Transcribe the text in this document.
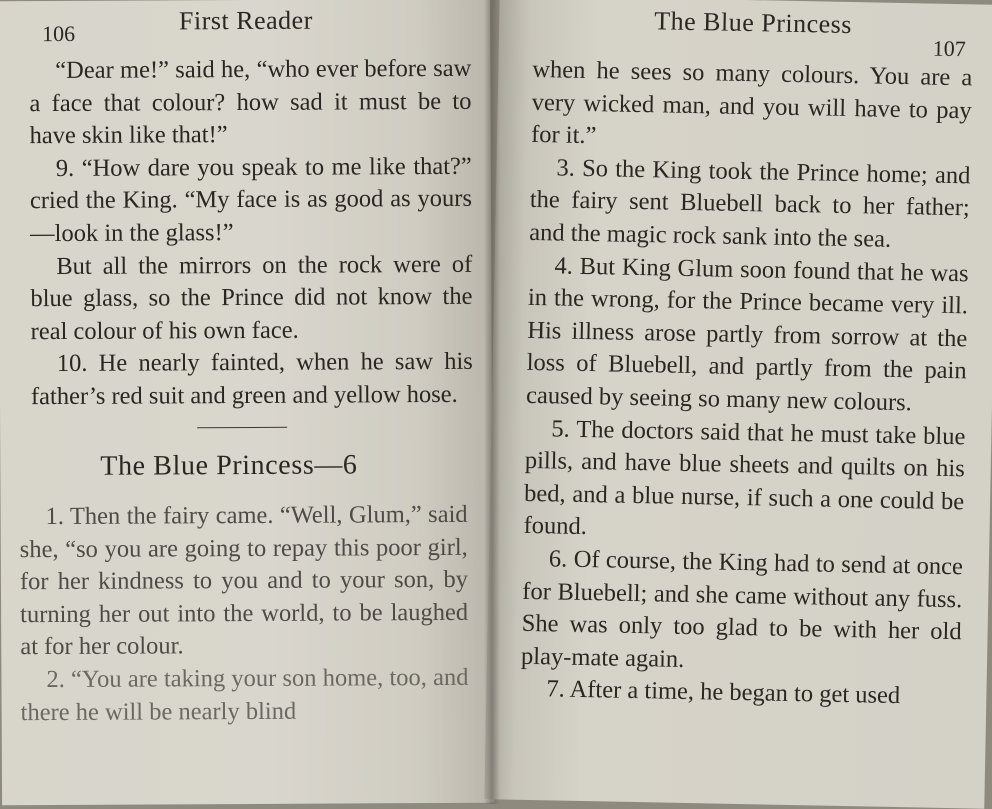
106	First Reader

“Dear me!” said he, “who ever before saw a face that colour? how sad it must be to have skin like that!”

9. “How dare you speak to me like that?” cried the King. “My face is as good as yours—look in the glass!”

But all the mirrors on the rock were of blue glass, so the Prince did not know the real colour of his own face.

10. He nearly fainted, when he saw his father’s red suit and green and yellow hose.

The Blue Princess—6

1. Then the fairy came. “Well, Glum,” said she, “so you are going to repay this poor girl, for her kindness to you and to your son, by turning her out into the world, to be laughed at for her colour.

2. “You are taking your son home, too, and there he will be nearly blind

The Blue Princess
107

when he sees so many colours. You are a very wicked man, and you will have to pay for it.”

3. So the King took the Prince home; and the fairy sent Bluebell back to her father; and the magic rock sank into the sea.

4. But King Glum soon found that he was in the wrong, for the Prince became very ill. His illness arose partly from sorrow at the loss of Bluebell, and partly from the pain caused by seeing so many new colours.

5. The doctors said that he must take blue pills, and have blue sheets and quilts on his bed, and a blue nurse, if such a one could be found.

6. Of course, the King had to send at once for Bluebell; and she came without any fuss. She was only too glad to be with her old play-mate again.

7. After a time, he began to get used
